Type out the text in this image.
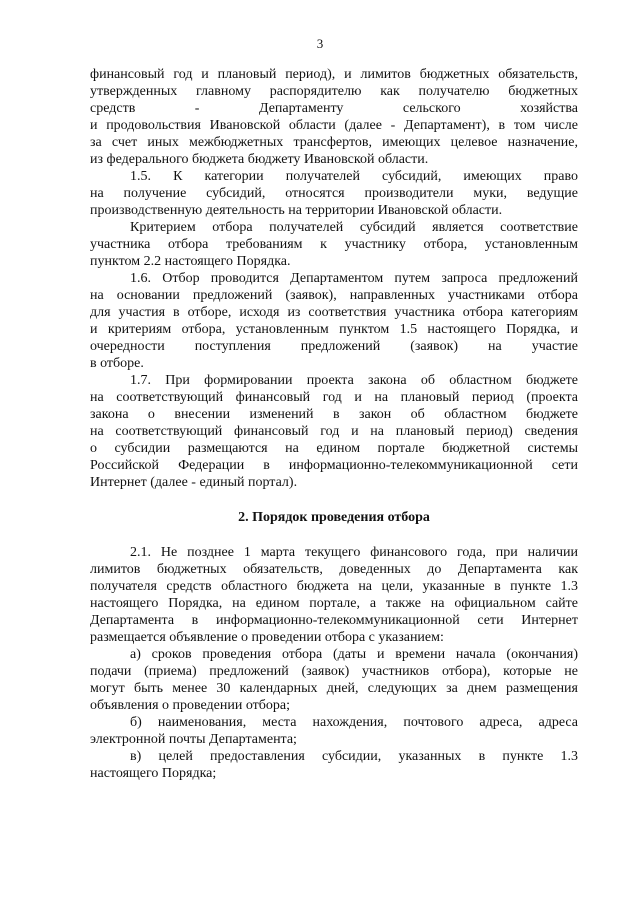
3
финансовый год и плановый период), и лимитов бюджетных обязательств,
утвержденных главному распорядителю как получателю бюджетных
средств - Департаменту сельского хозяйства
и продовольствия Ивановской области (далее - Департамент), в том числе
за счет иных межбюджетных трансфертов, имеющих целевое назначение,
из федерального бюджета бюджету Ивановской области.
1.5. К категории получателей субсидий, имеющих право
на получение субсидий, относятся производители муки, ведущие
производственную деятельность на территории Ивановской области.
Критерием отбора получателей субсидий является соответствие
участника отбора требованиям к участнику отбора, установленным
пунктом 2.2 настоящего Порядка.
1.6. Отбор проводится Департаментом путем запроса предложений
на основании предложений (заявок), направленных участниками отбора
для участия в отборе, исходя из соответствия участника отбора категориям
и критериям отбора, установленным пунктом 1.5 настоящего Порядка, и
очередности поступления предложений (заявок) на участие
в отборе.
1.7. При формировании проекта закона об областном бюджете
на соответствующий финансовый год и на плановый период (проекта
закона о внесении изменений в закон об областном бюджете
на соответствующий финансовый год и на плановый период) сведения
о субсидии размещаются на едином портале бюджетной системы
Российской Федерации в информационно-телекоммуникационной сети
Интернет (далее - единый портал).
2. Порядок проведения отбора
2.1. Не позднее 1 марта текущего финансового года, при наличии
лимитов бюджетных обязательств, доведенных до Департамента как
получателя средств областного бюджета на цели, указанные в пункте 1.3
настоящего Порядка, на едином портале, а также на официальном сайте
Департамента в информационно-телекоммуникационной сети Интернет
размещается объявление о проведении отбора с указанием:
а) сроков проведения отбора (даты и времени начала (окончания)
подачи (приема) предложений (заявок) участников отбора), которые не
могут быть менее 30 календарных дней, следующих за днем размещения
объявления о проведении отбора;
б) наименования, места нахождения, почтового адреса, адреса
электронной почты Департамента;
в) целей предоставления субсидии, указанных в пункте 1.3
настоящего Порядка;
